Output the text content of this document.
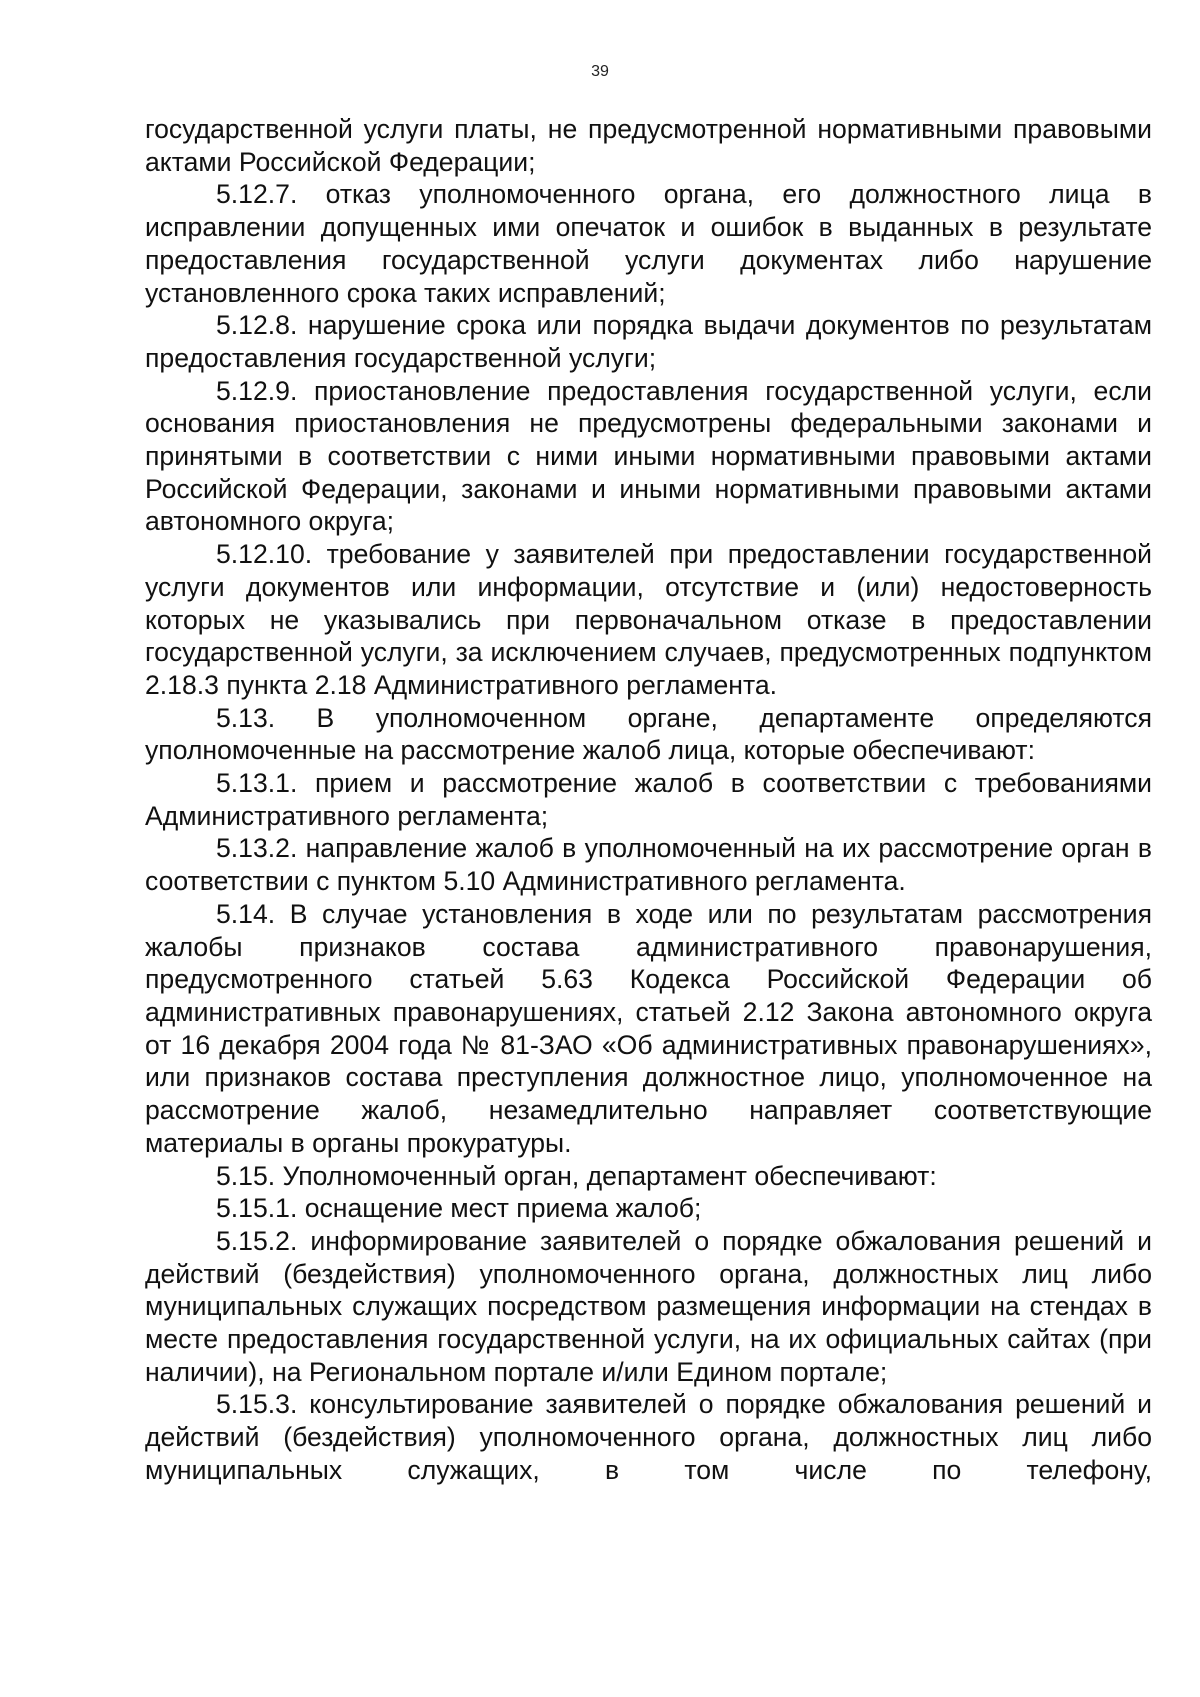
39

государственной услуги платы, не предусмотренной нормативными правовыми актами Российской Федерации;

5.12.7. отказ уполномоченного органа, его должностного лица в исправлении допущенных ими опечаток и ошибок в выданных в результате предоставления государственной услуги документах либо нарушение установленного срока таких исправлений;

5.12.8. нарушение срока или порядка выдачи документов по результатам предоставления государственной услуги;

5.12.9. приостановление предоставления государственной услуги, если основания приостановления не предусмотрены федеральными законами и принятыми в соответствии с ними иными нормативными правовыми актами Российской Федерации, законами и иными нормативными правовыми актами автономного округа;

5.12.10. требование у заявителей при предоставлении государственной услуги документов или информации, отсутствие и (или) недостоверность которых не указывались при первоначальном отказе в предоставлении государственной услуги, за исключением случаев, предусмотренных подпунктом 2.18.3 пункта 2.18 Административного регламента.

5.13. В уполномоченном органе, департаменте определяются уполномоченные на рассмотрение жалоб лица, которые обеспечивают:

5.13.1. прием и рассмотрение жалоб в соответствии с требованиями Административного регламента;

5.13.2. направление жалоб в уполномоченный на их рассмотрение орган в соответствии с пунктом 5.10 Административного регламента.

5.14. В случае установления в ходе или по результатам рассмотрения жалобы признаков состава административного правонарушения, предусмотренного статьей 5.63 Кодекса Российской Федерации об административных правонарушениях, статьей 2.12 Закона автономного округа от 16 декабря 2004 года № 81-ЗАО «Об административных правонарушениях», или признаков состава преступления должностное лицо, уполномоченное на рассмотрение жалоб, незамедлительно направляет соответствующие материалы в органы прокуратуры.

5.15. Уполномоченный орган, департамент обеспечивают:

5.15.1. оснащение мест приема жалоб;

5.15.2. информирование заявителей о порядке обжалования решений и действий (бездействия) уполномоченного органа, должностных лиц либо муниципальных служащих посредством размещения информации на стендах в месте предоставления государственной услуги, на их официальных сайтах (при наличии), на Региональном портале и/или Едином портале;

5.15.3. консультирование заявителей о порядке обжалования решений и действий (бездействия) уполномоченного органа, должностных лиц либо муниципальных служащих, в том числе по телефону,
